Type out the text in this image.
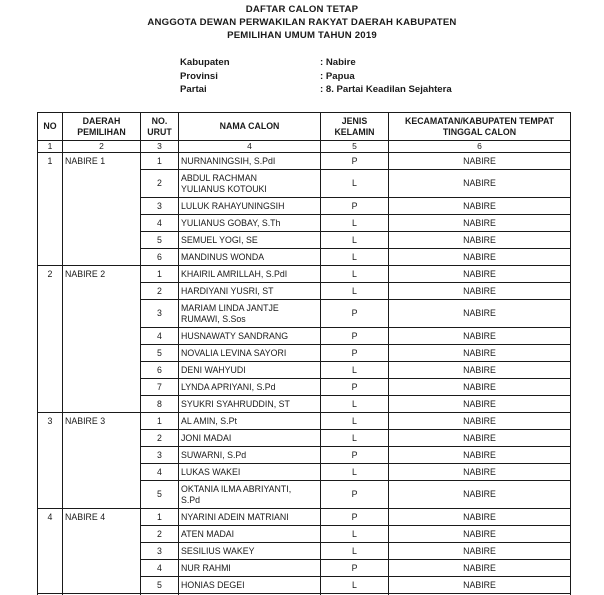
DAFTAR CALON TETAP
ANGGOTA DEWAN PERWAKILAN RAKYAT DAERAH KABUPATEN
PEMILIHAN UMUM TAHUN 2019
Kabupaten	: Nabire
Provinsi	: Papua
Partai	: 8. Partai Keadilan Sejahtera
NO	DAERAH PEMILIHAN	NO. URUT	NAMA CALON	JENIS KELAMIN	KECAMATAN/KABUPATEN TEMPAT TINGGAL CALON
1	2	3	4	5	6
1	NABIRE 1	1	NURNANINGSIH, S.PdI	P	NABIRE
		2	ABDUL RACHMAN
YULIANUS KOTOUKI	L	NABIRE
		3	LULUK RAHAYUNINGSIH	P	NABIRE
		4	YULIANUS GOBAY, S.Th	L	NABIRE
		5	SEMUEL YOGI, SE	L	NABIRE
		6	MANDINUS WONDA	L	NABIRE
2	NABIRE 2	1	KHAIRIL AMRILLAH, S.PdI	L	NABIRE
		2	HARDIYANI YUSRI, ST	L	NABIRE
		3	MARIAM LINDA JANTJE
RUMAWI, S.Sos	P	NABIRE
		4	HUSNAWATY SANDRANG	P	NABIRE
		5	NOVALIA LEVINA SAYORI	P	NABIRE
		6	DENI WAHYUDI	L	NABIRE
		7	LYNDA APRIYANI, S.Pd	P	NABIRE
		8	SYUKRI SYAHRUDDIN, ST	L	NABIRE
3	NABIRE 3	1	AL AMIN, S.Pt	L	NABIRE
		2	JONI MADAI	L	NABIRE
		3	SUWARNI, S.Pd	P	NABIRE
		4	LUKAS WAKEI	L	NABIRE
		5	OKTANIA ILMA ABRIYANTI,
S.Pd	P	NABIRE
4	NABIRE 4	1	NYARINI ADEIN MATRIANI	P	NABIRE
		2	ATEN MADAI	L	NABIRE
		3	SESILIUS WAKEY	L	NABIRE
		4	NUR RAHMI	P	NABIRE
		5	HONIAS DEGEI	L	NABIRE
